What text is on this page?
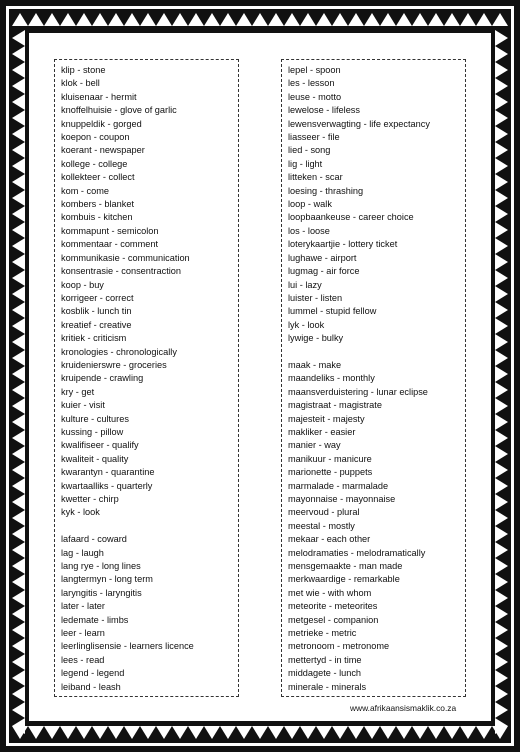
klip - stone
klok - bell
kluisenaar - hermit
knoffelhuisie - glove of garlic
knuppeldik - gorged
koepon - coupon
koerant - newspaper
kollege - college
kollekteer - collect
kom - come
kombers - blanket
kombuis - kitchen
kommapunt - semicolon
kommentaar - comment
kommunikasie - communication
konsentrasie - consentraction
koop - buy
korrigeer - correct
kosblik - lunch tin
kreatief - creative
kritiek - criticism
kronologies - chronologically
kruidenierswre - groceries
kruipende - crawling
kry - get
kuier - visit
kulture - cultures
kussing - pillow
kwalifiseer - qualify
kwaliteit - quality
kwarantyn - quarantine
kwartaalliks - quarterly
kwetter - chirp
kyk - look
lafaard - coward
lag - laugh
lang rye - long lines
langtermyn - long term
laryngitis - laryngitis
later - later
ledemate - limbs
leer - learn
leerlinglisensie - learners licence
lees - read
legend - legend
leiband - leash
lepel - spoon
les - lesson
leuse - motto
lewelose - lifeless
lewensverwagting - life expectancy
liasseer - file
lied - song
lig - light
litteken - scar
loesing - thrashing
loop - walk
loopbaankeuse - career choice
los - loose
loterykaartjie - lottery ticket
lughawe - airport
lugmag - air force
lui - lazy
luister - listen
lummel - stupid fellow
lyk - look
lywige - bulky
maak - make
maandeliks - monthly
maansverduistering - lunar eclipse
magistraat - magistrate
majesteit - majesty
makliker - easier
manier - way
manikuur - manicure
marionette - puppets
marmalade - marmalade
mayonnaise - mayonnaise
meervoud - plural
meestal - mostly
mekaar - each other
melodramaties - melodramatically
mensgemaakte - man made
merkwaardige - remarkable
met wie - with whom
meteorite - meteorites
metgesel - companion
metrieke - metric
metronoom - metronome
mettertyd - in time
middagete - lunch
minerale - minerals
www.afrikaansismaklik.co.za
